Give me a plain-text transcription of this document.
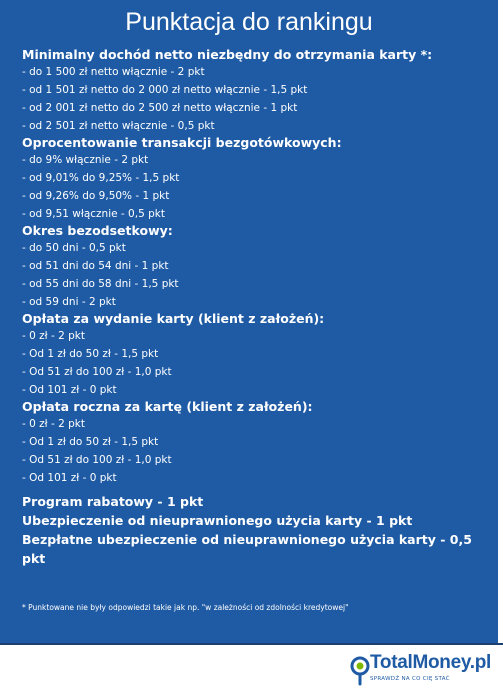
Punktacja do rankingu
Minimalny dochód netto niezbędny do otrzymania karty *:
- do 1 500 zł netto włącznie - 2 pkt
- od 1 501 zł netto do 2 000 zł netto włącznie - 1,5 pkt
- od 2 001 zł netto do 2 500 zł netto włącznie - 1 pkt
- od 2 501 zł netto włącznie - 0,5 pkt
Oprocentowanie transakcji bezgotówkowych:
- do 9% włącznie - 2 pkt
- od 9,01% do 9,25% - 1,5 pkt
- od 9,26% do 9,50% - 1 pkt
- od 9,51 włącznie - 0,5 pkt
Okres bezodsetkowy:
- do 50 dni - 0,5 pkt
- od 51 dni do 54 dni - 1 pkt
- od 55 dni do 58 dni - 1,5 pkt
- od 59 dni - 2 pkt
Opłata za wydanie karty (klient z założeń):
- 0 zł - 2 pkt
- Od 1 zł do 50 zł - 1,5 pkt
- Od 51 zł do 100 zł - 1,0 pkt
- Od 101 zł - 0 pkt
Opłata roczna za kartę (klient z założeń):
- 0 zł - 2 pkt
- Od 1 zł do 50 zł - 1,5 pkt
- Od 51 zł do 100 zł - 1,0 pkt
- Od 101 zł - 0 pkt
Program rabatowy - 1 pkt
Ubezpieczenie od nieuprawnionego użycia karty - 1 pkt
Bezpłatne ubezpieczenie od nieuprawnionego użycia karty - 0,5 pkt
* Punktowane nie były odpowiedzi takie jak np. "w zależności od zdolności kredytowej"
TotalMoney.pl
SPRAWDŹ NA CO CIĘ STAĆ
